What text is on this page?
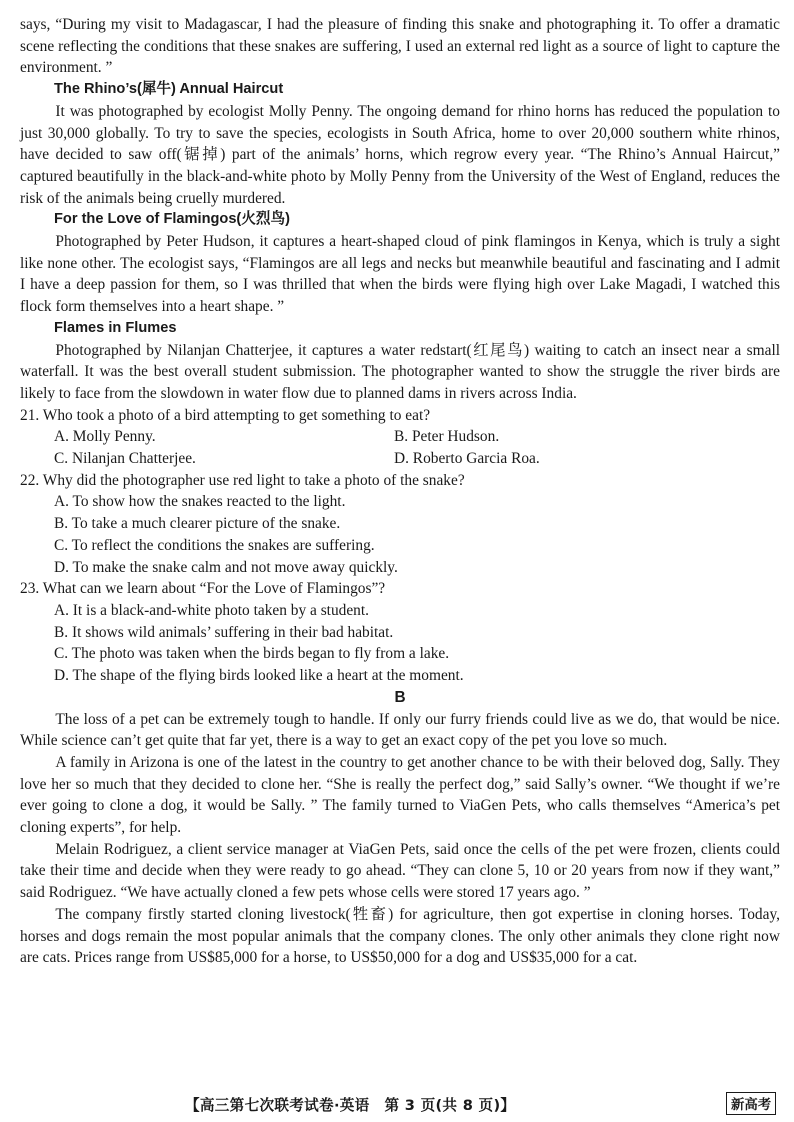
says, “During my visit to Madagascar, I had the pleasure of finding this snake and photographing it. To offer a dramatic scene reflecting the conditions that these snakes are suffering, I used an external red light as a source of light to capture the environment. ”

The Rhino’s(犀牛) Annual Haircut

It was photographed by ecologist Molly Penny. The ongoing demand for rhino horns has reduced the population to just 30,000 globally. To try to save the species, ecologists in South Africa, home to over 20,000 southern white rhinos, have decided to saw off(锯掉) part of the animals’ horns, which regrow every year. “The Rhino’s Annual Haircut,” captured beautifully in the black-and-white photo by Molly Penny from the University of the West of England, reduces the risk of the animals being cruelly murdered.

For the Love of Flamingos(火烈鸟)

Photographed by Peter Hudson, it captures a heart-shaped cloud of pink flamingos in Kenya, which is truly a sight like none other. The ecologist says, “Flamingos are all legs and necks but meanwhile beautiful and fascinating and I admit I have a deep passion for them, so I was thrilled that when the birds were flying high over Lake Magadi, I watched this flock form themselves into a heart shape. ”

Flames in Flumes

Photographed by Nilanjan Chatterjee, it captures a water redstart(红尾鸟) waiting to catch an insect near a small waterfall. It was the best overall student submission. The photographer wanted to show the struggle the river birds are likely to face from the slowdown in water flow due to planned dams in rivers across India.

21. Who took a photo of a bird attempting to get something to eat?

A. Molly Penny.	B. Peter Hudson.
C. Nilanjan Chatterjee.	D. Roberto Garcia Roa.

22. Why did the photographer use red light to take a photo of the snake?

A. To show how the snakes reacted to the light.

B. To take a much clearer picture of the snake.

C. To reflect the conditions the snakes are suffering.

D. To make the snake calm and not move away quickly.

23. What can we learn about “For the Love of Flamingos”?

A. It is a black-and-white photo taken by a student.

B. It shows wild animals’ suffering in their bad habitat.

C. The photo was taken when the birds began to fly from a lake.

D. The shape of the flying birds looked like a heart at the moment.

B

The loss of a pet can be extremely tough to handle. If only our furry friends could live as we do, that would be nice. While science can’t get quite that far yet, there is a way to get an exact copy of the pet you love so much.

A family in Arizona is one of the latest in the country to get another chance to be with their beloved dog, Sally. They love her so much that they decided to clone her. “She is really the perfect dog,” said Sally’s owner. “We thought if we’re ever going to clone a dog, it would be Sally. ” The family turned to ViaGen Pets, who calls themselves “America’s pet cloning experts”, for help.

Melain Rodriguez, a client service manager at ViaGen Pets, said once the cells of the pet were frozen, clients could take their time and decide when they were ready to go ahead. “They can clone 5, 10 or 20 years from now if they want,” said Rodriguez. “We have actually cloned a few pets whose cells were stored 17 years ago. ”

The company firstly started cloning livestock(牲畜) for agriculture, then got expertise in cloning horses. Today, horses and dogs remain the most popular animals that the company clones. The only other animals they clone right now are cats. Prices range from US$85,000 for a horse, to US$50,000 for a dog and US$35,000 for a cat.

【高三第七次联考试卷·英语　第 3 页(共 8 页)】	新高考
